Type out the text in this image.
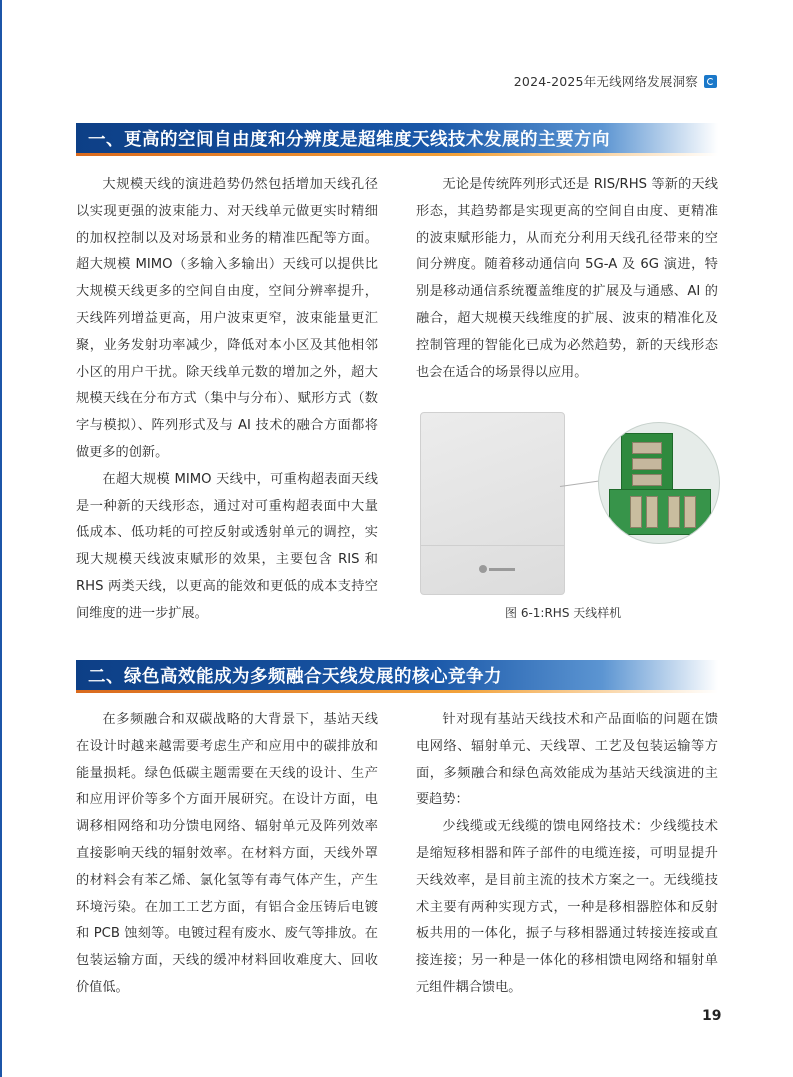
2024-2025年无线网络发展洞察
一、更高的空间自由度和分辨度是超维度天线技术发展的主要方向

大规模天线的演进趋势仍然包括增加天线孔径以实现更强的波束能力、对天线单元做更实时精细的加权控制以及对场景和业务的精准匹配等方面。超大规模 MIMO（多输入多输出）天线可以提供比大规模天线更多的空间自由度，空间分辨率提升，天线阵列增益更高，用户波束更窄，波束能量更汇聚，业务发射功率减少，降低对本小区及其他相邻小区的用户干扰。除天线单元数的增加之外，超大规模天线在分布方式（集中与分布）、赋形方式（数字与模拟）、阵列形式及与 AI 技术的融合方面都将做更多的创新。

在超大规模 MIMO 天线中，可重构超表面天线是一种新的天线形态，通过对可重构超表面中大量低成本、低功耗的可控反射或透射单元的调控，实现大规模天线波束赋形的效果，主要包含 RIS 和 RHS 两类天线，以更高的能效和更低的成本支持空间维度的进一步扩展。

无论是传统阵列形式还是 RIS/RHS 等新的天线形态，其趋势都是实现更高的空间自由度、更精准的波束赋形能力，从而充分利用天线孔径带来的空间分辨度。随着移动通信向 5G-A 及 6G 演进，特别是移动通信系统覆盖维度的扩展及与通感、AI 的融合，超大规模天线维度的扩展、波束的精准化及控制管理的智能化已成为必然趋势，新的天线形态也会在适合的场景得以应用。

图 6-1:RHS 天线样机
二、绿色高效能成为多频融合天线发展的核心竞争力

在多频融合和双碳战略的大背景下，基站天线在设计时越来越需要考虑生产和应用中的碳排放和能量损耗。绿色低碳主题需要在天线的设计、生产和应用评价等多个方面开展研究。在设计方面，电调移相网络和功分馈电网络、辐射单元及阵列效率直接影响天线的辐射效率。在材料方面，天线外罩的材料会有苯乙烯、氯化氢等有毒气体产生，产生环境污染。在加工工艺方面，有铝合金压铸后电镀和 PCB 蚀刻等。电镀过程有废水、废气等排放。在包装运输方面，天线的缓冲材料回收难度大、回收价值低。

针对现有基站天线技术和产品面临的问题在馈电网络、辐射单元、天线罩、工艺及包装运输等方面，多频融合和绿色高效能成为基站天线演进的主要趋势：

少线缆或无线缆的馈电网络技术：少线缆技术是缩短移相器和阵子部件的电缆连接，可明显提升天线效率，是目前主流的技术方案之一。无线缆技术主要有两种实现方式，一种是移相器腔体和反射板共用的一体化，振子与移相器通过转接连接或直接连接；另一种是一体化的移相馈电网络和辐射单元组件耦合馈电。

19
